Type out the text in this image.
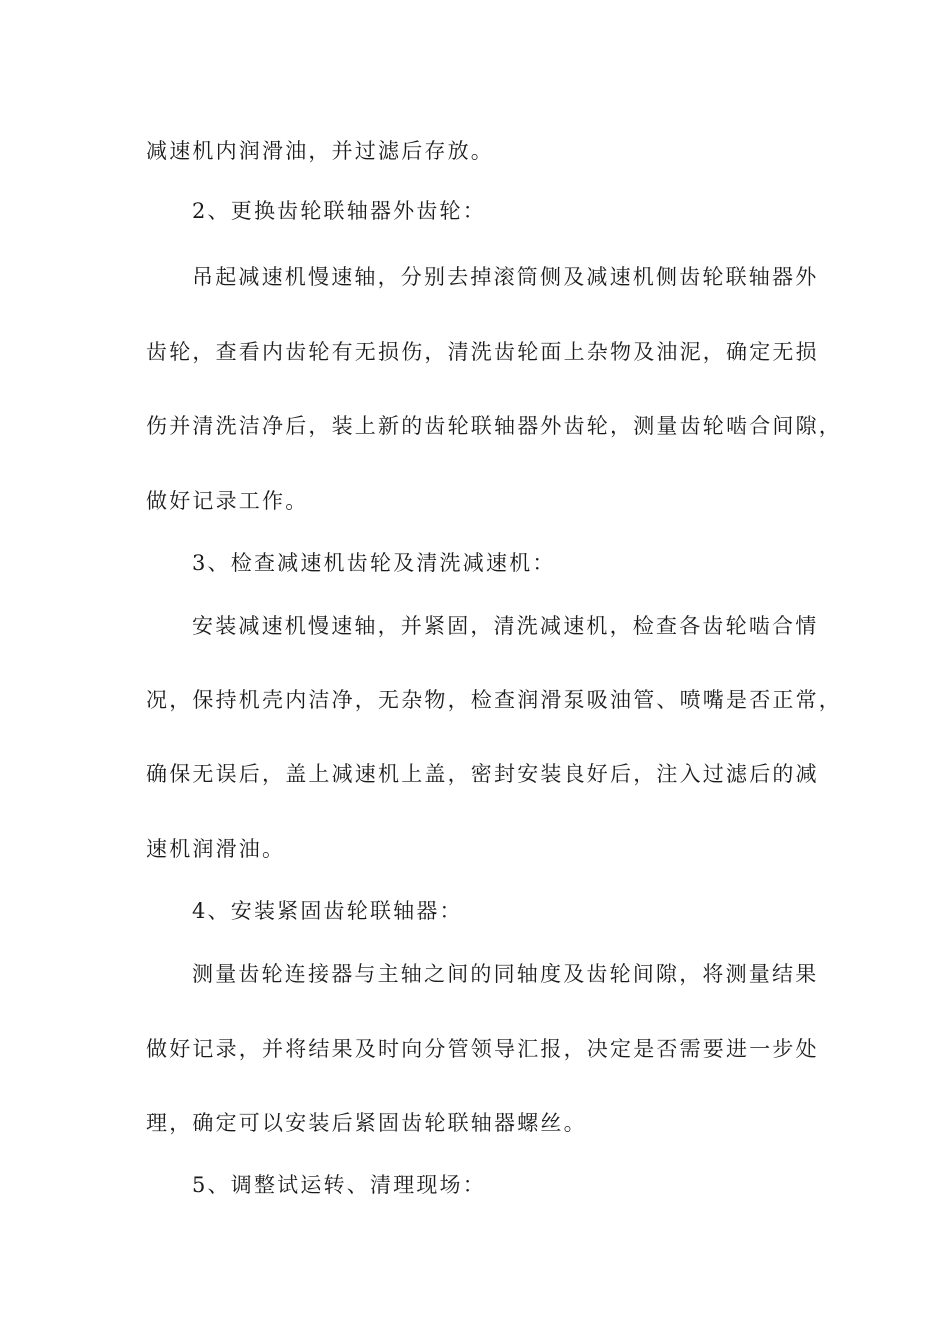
减速机内润滑油，并过滤后存放。
2、更换齿轮联轴器外齿轮：
吊起减速机慢速轴，分别去掉滚筒侧及减速机侧齿轮联轴器外
齿轮，查看内齿轮有无损伤，清洗齿轮面上杂物及油泥，确定无损
伤并清洗洁净后，装上新的齿轮联轴器外齿轮，测量齿轮啮合间隙，
做好记录工作。
3、检查减速机齿轮及清洗减速机：
安装减速机慢速轴，并紧固，清洗减速机，检查各齿轮啮合情
况，保持机壳内洁净，无杂物，检查润滑泵吸油管、喷嘴是否正常，
确保无误后，盖上减速机上盖，密封安装良好后，注入过滤后的减
速机润滑油。
4、安装紧固齿轮联轴器：
测量齿轮连接器与主轴之间的同轴度及齿轮间隙，将测量结果
做好记录，并将结果及时向分管领导汇报，决定是否需要进一步处
理，确定可以安装后紧固齿轮联轴器螺丝。
5、调整试运转、清理现场：
